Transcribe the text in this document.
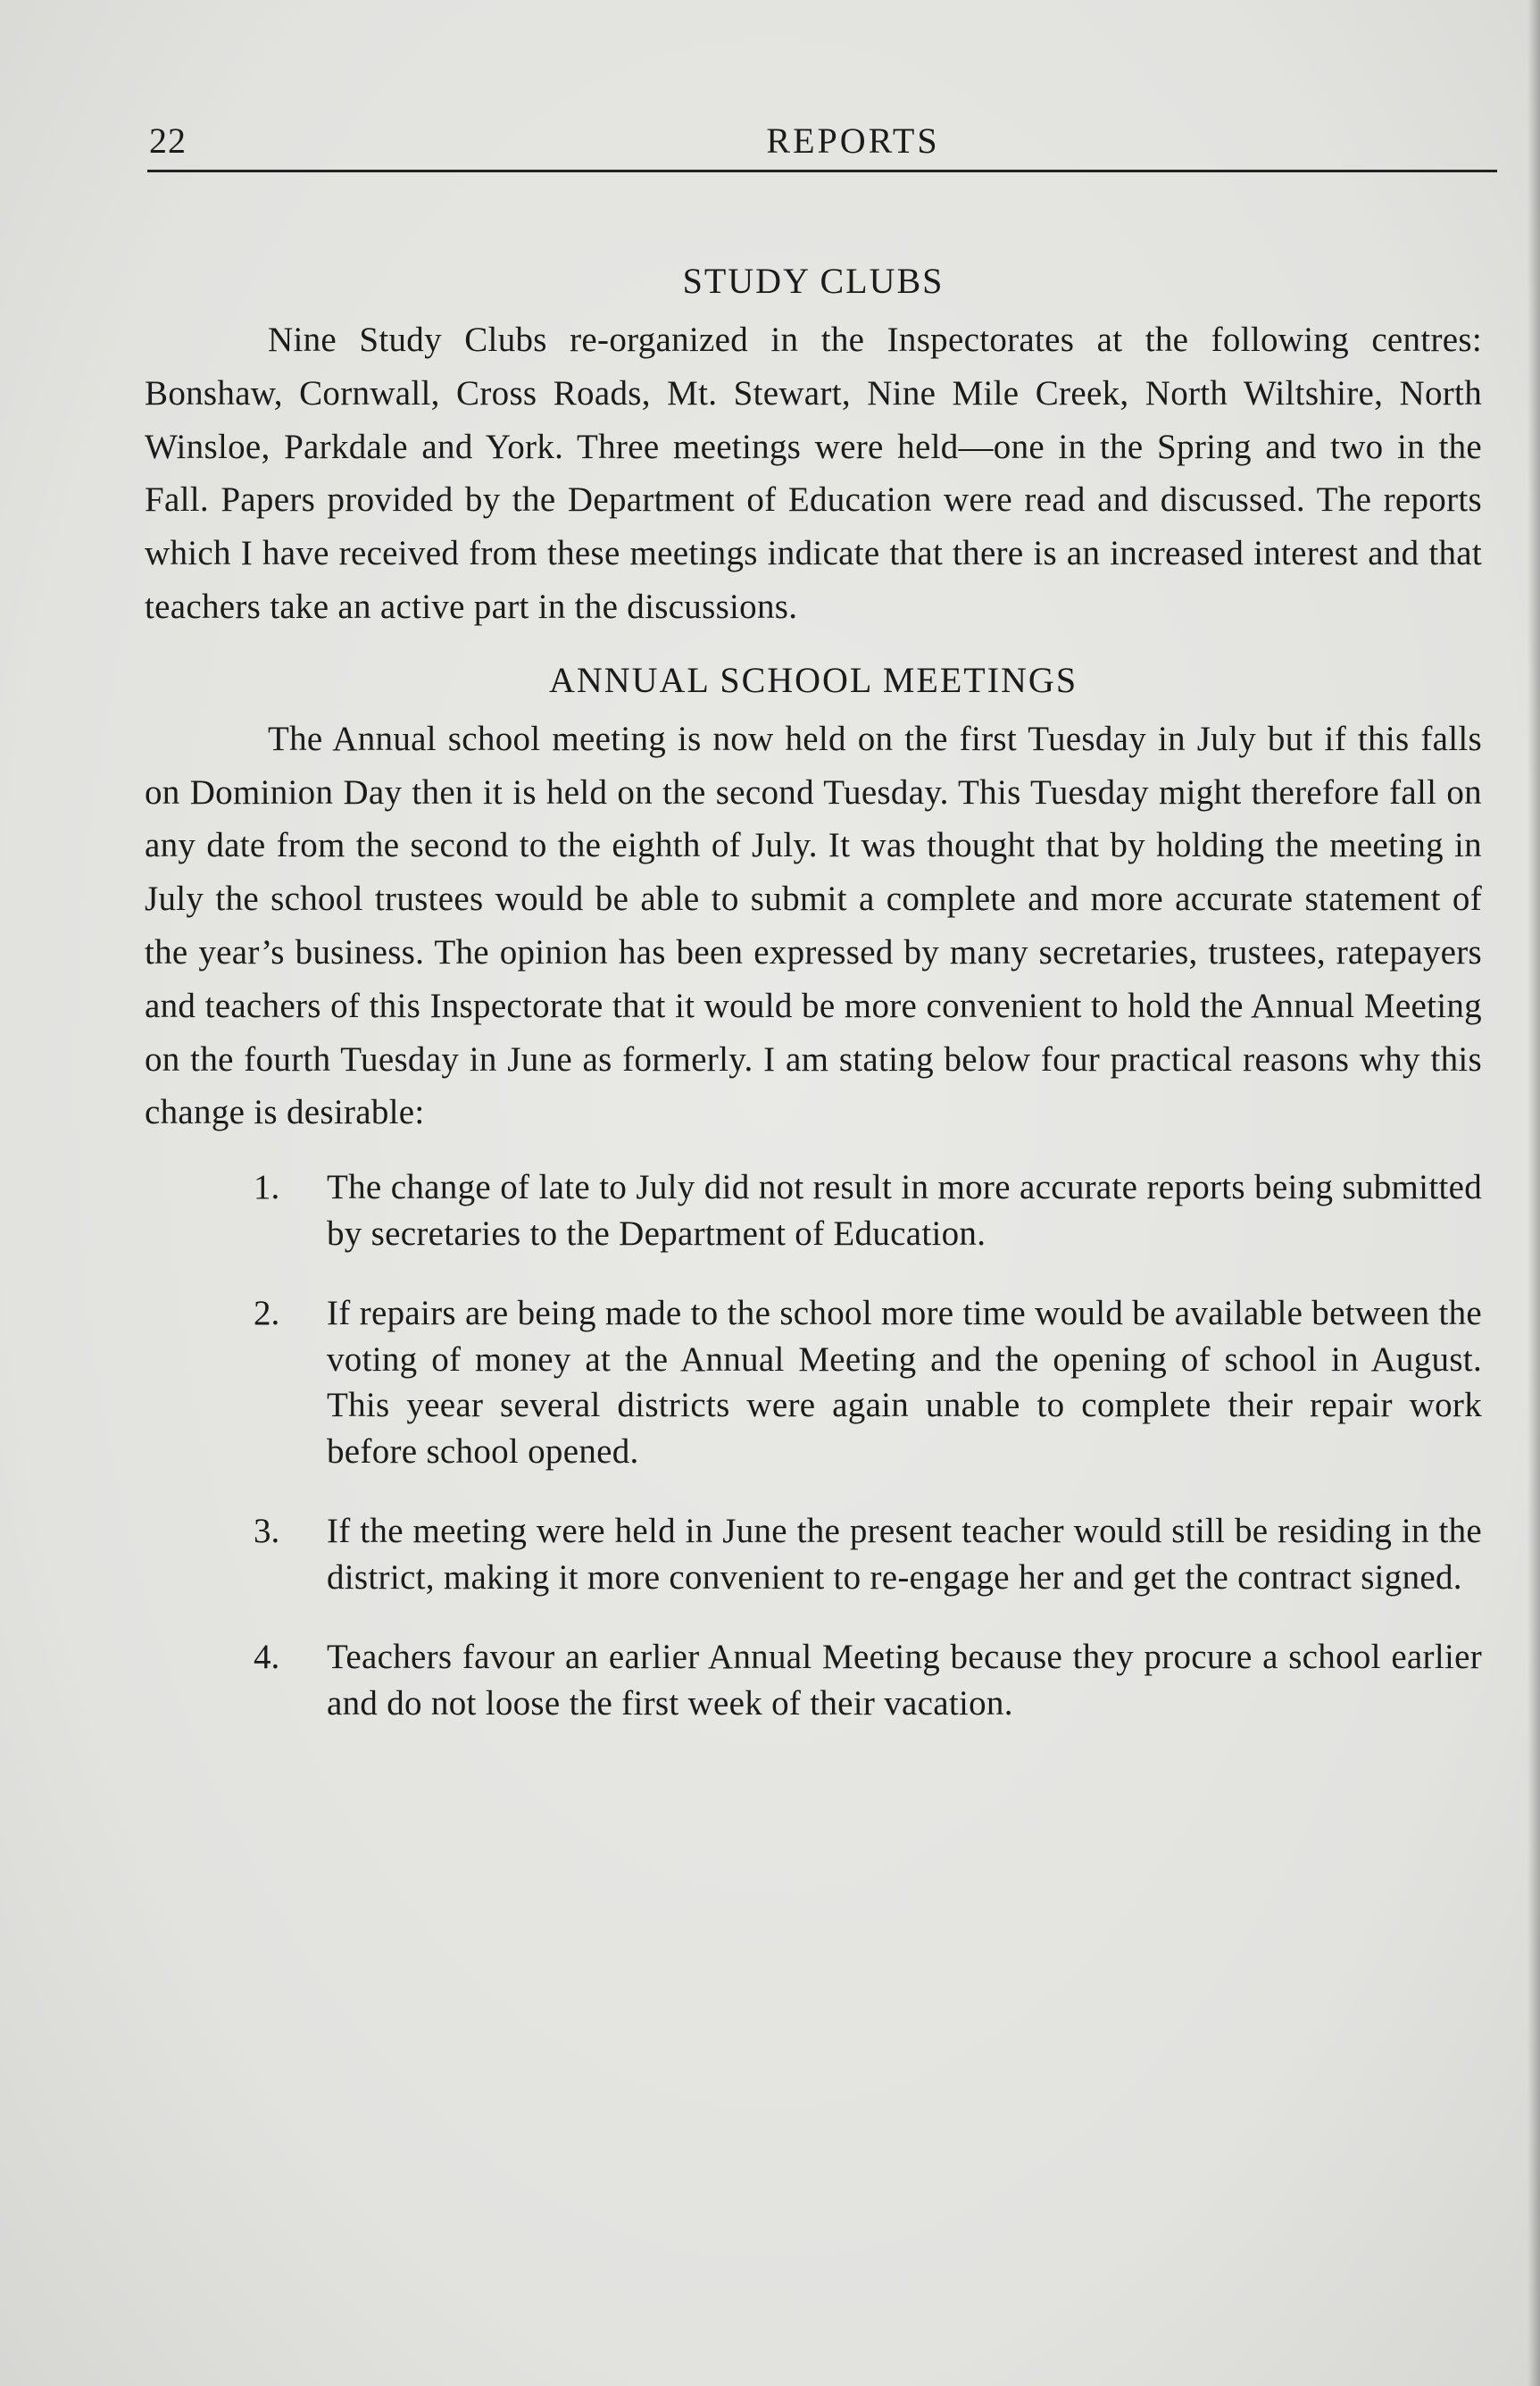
22	REPORTS
STUDY CLUBS

Nine Study Clubs re-organized in the Inspectorates at the following centres: Bonshaw, Cornwall, Cross Roads, Mt. Stewart, Nine Mile Creek, North Wiltshire, North Winsloe, Parkdale and York. Three meetings were held—one in the Spring and two in the Fall. Papers provided by the Department of Education were read and discussed. The reports which I have received from these meetings indicate that there is an increased interest and that teachers take an active part in the discussions.

ANNUAL SCHOOL MEETINGS

The Annual school meeting is now held on the first Tuesday in July but if this falls on Dominion Day then it is held on the second Tuesday. This Tuesday might therefore fall on any date from the second to the eighth of July. It was thought that by holding the meeting in July the school trustees would be able to submit a complete and more accurate statement of the year’s business. The opinion has been expressed by many secretaries, trustees, ratepayers and teachers of this Inspectorate that it would be more convenient to hold the Annual Meeting on the fourth Tuesday in June as formerly. I am stating below four practical reasons why this change is desirable:

1. The change of late to July did not result in more accurate reports being submitted by secretaries to the Department of Education.
2. If repairs are being made to the school more time would be available between the voting of money at the Annual Meeting and the opening of school in August. This yeear several districts were again unable to complete their repair work before school opened.
3. If the meeting were held in June the present teacher would still be residing in the district, making it more convenient to re-engage her and get the contract signed.
4. Teachers favour an earlier Annual Meeting because they procure a school earlier and do not loose the first week of their vacation.
